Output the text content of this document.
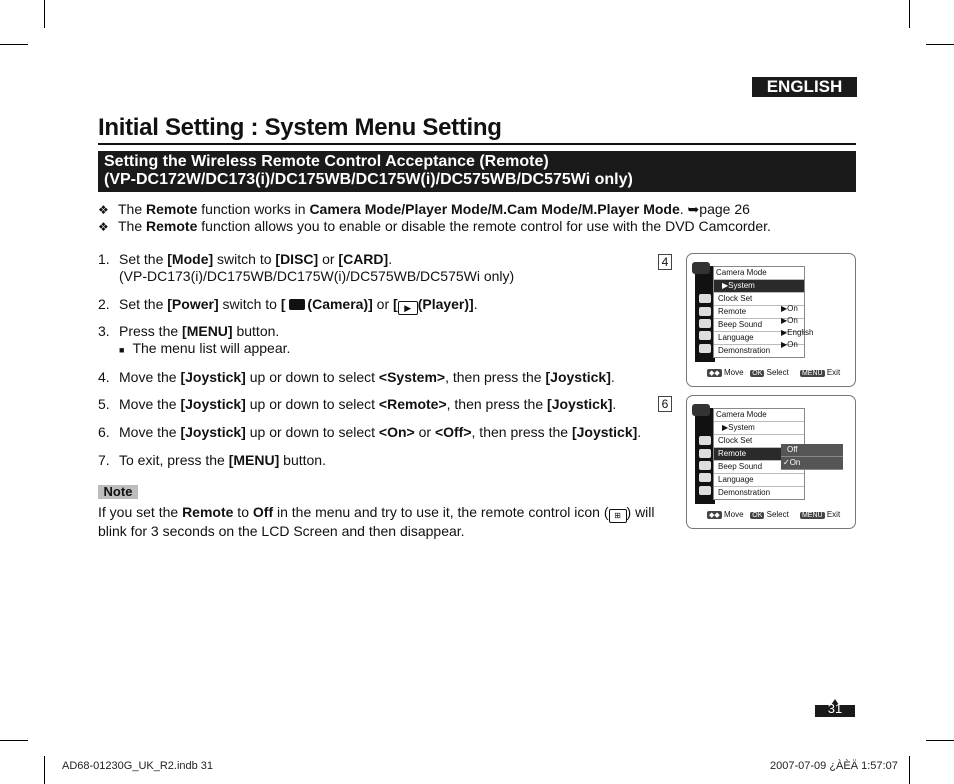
ENGLISH
Initial Setting : System Menu Setting
Setting the Wireless Remote Control Acceptance (Remote)
(VP-DC172W/DC173(i)/DC175WB/DC175W(i)/DC575WB/DC575Wi only)
❖ The Remote function works in Camera Mode/Player Mode/M.Cam Mode/M.Player Mode. ➥page 26
❖ The Remote function allows you to enable or disable the remote control for use with the DVD Camcorder.
1. Set the [Mode] switch to [DISC] or [CARD].
(VP-DC173(i)/DC175WB/DC175W(i)/DC575WB/DC575Wi only)
2. Set the [Power] switch to [ (Camera)] or [ ▶ (Player)].
3. Press the [MENU] button.
■ The menu list will appear.
4. Move the [Joystick] up or down to select <System>, then press the [Joystick].
5. Move the [Joystick] up or down to select <Remote>, then press the [Joystick].
6. Move the [Joystick] up or down to select <On> or <Off>, then press the [Joystick].
7. To exit, press the [MENU] button.
Note
If you set the Remote to Off in the menu and try to use it, the remote control icon ( ⊞ ) will
blink for 3 seconds on the LCD Screen and then disappear.
4
Camera Mode
▶System
Clock Set
Remote
Beep Sound
Language
Demonstration
▶On
▶On
▶English
▶On
◆◆ Move OK Select MENU Exit
6
Camera Mode
▶System
Clock Set
Remote
Beep Sound
Language
Demonstration
Off
✓On
◆◆ Move OK Select MENU Exit
31
AD68-01230G_UK_R2.indb 31	2007-07-09 ¿ÀÈÄ 1:57:07
